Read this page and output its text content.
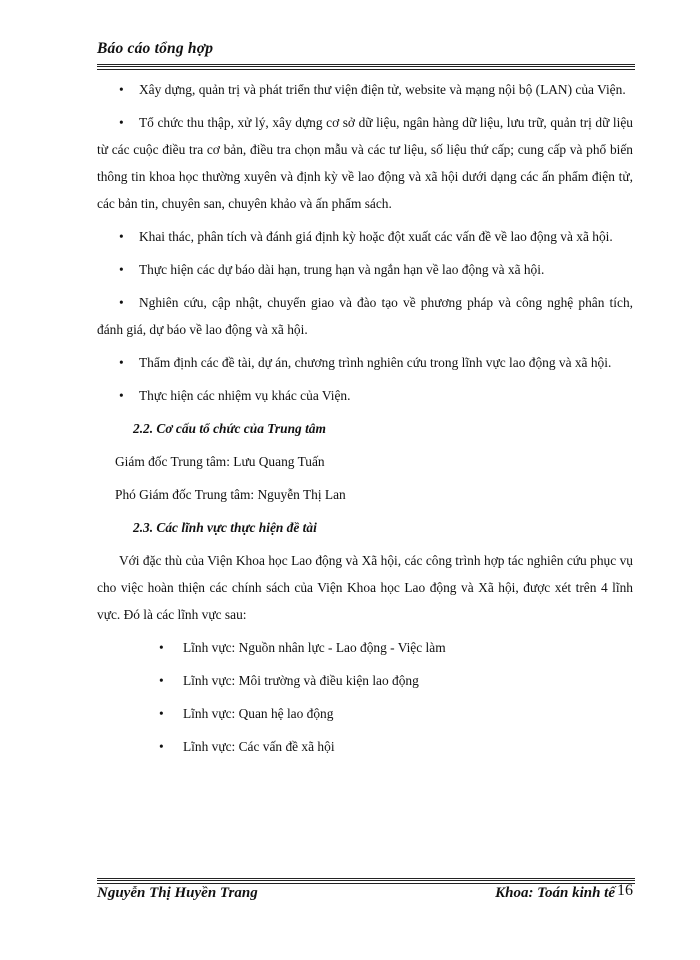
Báo cáo tổng hợp

• Xây dựng, quản trị và phát triển thư viện điện tử, website và mạng nội bộ (LAN) của Viện.

• Tổ chức thu thập, xử lý, xây dựng cơ sở dữ liệu, ngân hàng dữ liệu, lưu trữ, quản trị dữ liệu từ các cuộc điều tra cơ bản, điều tra chọn mẫu và các tư liệu, số liệu thứ cấp; cung cấp và phổ biến thông tin khoa học thường xuyên và định kỳ về lao động và xã hội dưới dạng các ấn phẩm điện tử, các bản tin, chuyên san, chuyên khảo và ấn phẩm sách.

• Khai thác, phân tích và đánh giá định kỳ hoặc đột xuất các vấn đề về lao động và xã hội.

• Thực hiện các dự báo dài hạn, trung hạn và ngắn hạn về lao động và xã hội.

• Nghiên cứu, cập nhật, chuyển giao và đào tạo về phương pháp và công nghệ phân tích, đánh giá, dự báo về lao động và xã hội.

• Thẩm định các đề tài, dự án, chương trình nghiên cứu trong lĩnh vực lao động và xã hội.

• Thực hiện các nhiệm vụ khác của Viện.

2.2. Cơ cấu tổ chức của Trung tâm

Giám đốc Trung tâm: Lưu Quang Tuấn

Phó Giám đốc Trung tâm: Nguyễn Thị Lan

2.3. Các lĩnh vực thực hiện đề tài

Với đặc thù của Viện Khoa học Lao động và Xã hội, các công trình hợp tác nghiên cứu phục vụ cho việc hoàn thiện các chính sách của Viện Khoa học Lao động và Xã hội, được xét trên 4 lĩnh vực. Đó là các lĩnh vực sau:

• Lĩnh vực: Nguồn nhân lực - Lao động - Việc làm
• Lĩnh vực: Môi trường và điều kiện lao động
• Lĩnh vực: Quan hệ lao động
• Lĩnh vực: Các vấn đề xã hội
Nguyễn Thị Huyền Trang	Khoa: Toán kinh tế 16
